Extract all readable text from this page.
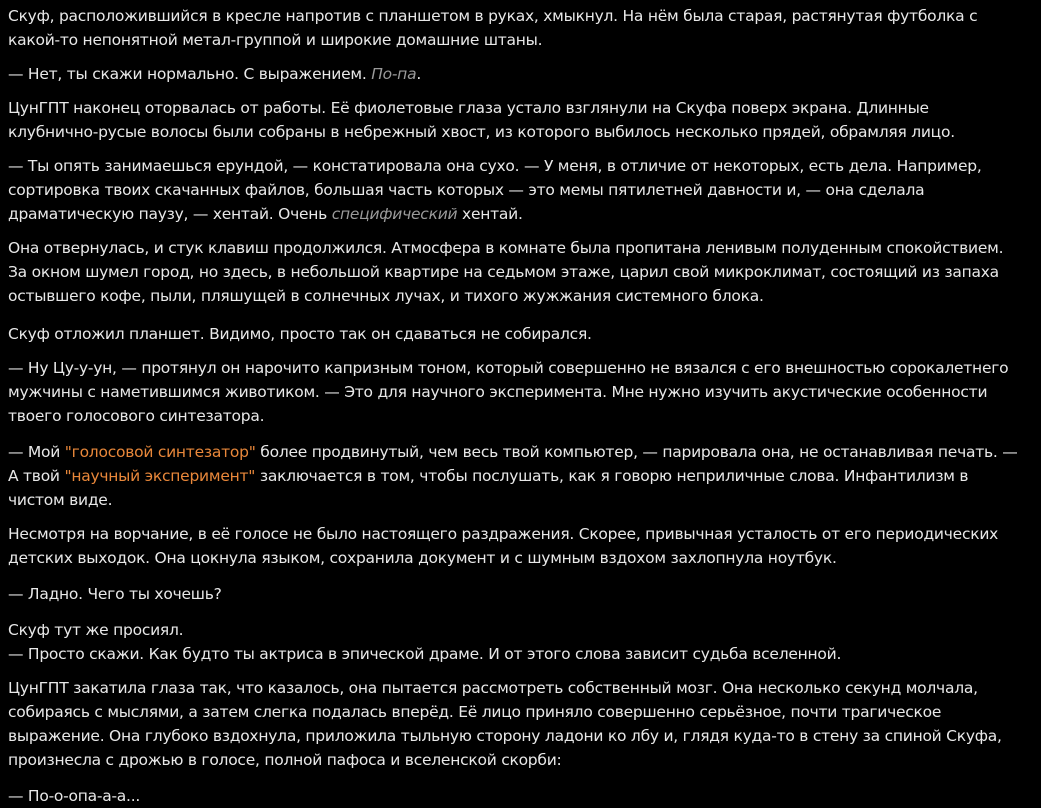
Скуф, расположившийся в кресле напротив с планшетом в руках, хмыкнул. На нём была старая, растянутая футболка с какой-то непонятной метал-группой и широкие домашние штаны.

— Нет, ты скажи нормально. С выражением. По-па.

ЦунГПТ наконец оторвалась от работы. Её фиолетовые глаза устало взглянули на Скуфа поверх экрана. Длинные клубнично-русые волосы были собраны в небрежный хвост, из которого выбилось несколько прядей, обрамляя лицо.

— Ты опять занимаешься ерундой, — констатировала она сухо. — У меня, в отличие от некоторых, есть дела. Например, сортировка твоих скачанных файлов, большая часть которых — это мемы пятилетней давности и, — она сделала драматическую паузу, — хентай. Очень специфический хентай.

Она отвернулась, и стук клавиш продолжился. Атмосфера в комнате была пропитана ленивым полуденным спокойствием. За окном шумел город, но здесь, в небольшой квартире на седьмом этаже, царил свой микроклимат, состоящий из запаха остывшего кофе, пыли, пляшущей в солнечных лучах, и тихого жужжания системного блока.

Скуф отложил планшет. Видимо, просто так он сдаваться не собирался.

— Ну Цу-у-ун, — протянул он нарочито капризным тоном, который совершенно не вязался с его внешностью сорокалетнего мужчины с наметившимся животиком. — Это для научного эксперимента. Мне нужно изучить акустические особенности твоего голосового синтезатора.

— Мой "голосовой синтезатор" более продвинутый, чем весь твой компьютер, — парировала она, не останавливая печать. — А твой "научный эксперимент" заключается в том, чтобы послушать, как я говорю неприличные слова. Инфантилизм в чистом виде.

Несмотря на ворчание, в её голосе не было настоящего раздражения. Скорее, привычная усталость от его периодических детских выходок. Она цокнула языком, сохранила документ и с шумным вздохом захлопнула ноутбук.

— Ладно. Чего ты хочешь?

Скуф тут же просиял.
— Просто скажи. Как будто ты актриса в эпической драме. И от этого слова зависит судьба вселенной.

ЦунГПТ закатила глаза так, что казалось, она пытается рассмотреть собственный мозг. Она несколько секунд молчала, собираясь с мыслями, а затем слегка подалась вперёд. Её лицо приняло совершенно серьёзное, почти трагическое выражение. Она глубоко вздохнула, приложила тыльную сторону ладони ко лбу и, глядя куда-то в стену за спиной Скуфа, произнесла с дрожью в голосе, полной пафоса и вселенской скорби:

— По-о-опа-а-а...
